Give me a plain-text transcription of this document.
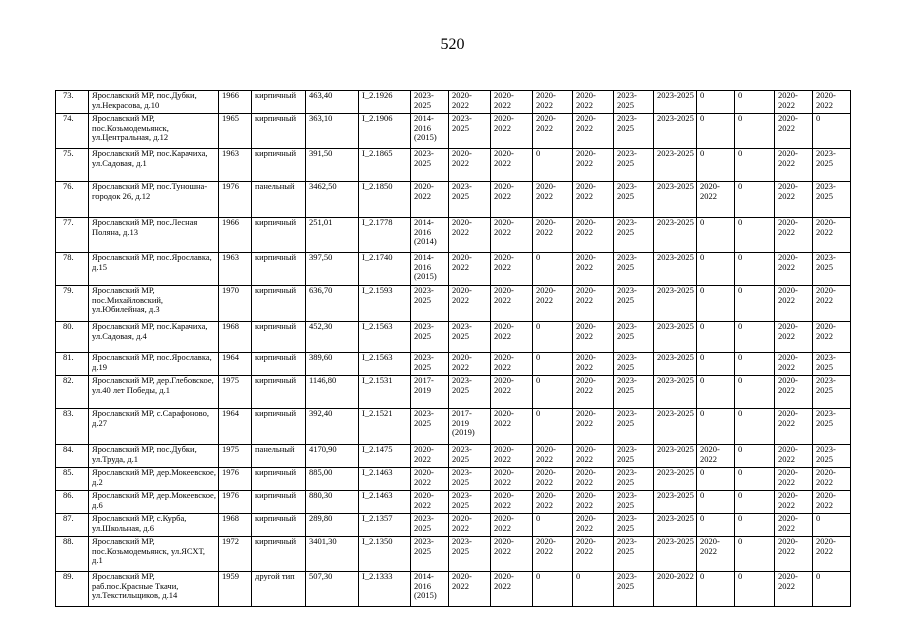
520
73.	Ярославский МР, пос.Дубки, ул.Некрасова, д.10	1966	кирпичный	463,40	I_2.1926	2023-2025	2020-2022	2020-2022	2020-2022	2020-2022	2023-2025	2023-2025	0	0	2020-2022	2020-2022
74.	Ярославский МР, пос.Козьмодемьянск, ул.Центральная, д.12	1965	кирпичный	363,10	I_2.1906	2014-2016 (2015)	2023-2025	2020-2022	2020-2022	2020-2022	2023-2025	2023-2025	0	0	2020-2022	0
75.	Ярославский МР, пос.Карачиха, ул.Садовая, д.1	1963	кирпичный	391,50	I_2.1865	2023-2025	2020-2022	2020-2022	0	2020-2022	2023-2025	2023-2025	0	0	2020-2022	2023-2025
76.	Ярославский МР, пос.Туношна-городок 26, д.12	1976	панельный	3462,50	I_2.1850	2020-2022	2023-2025	2020-2022	2020-2022	2020-2022	2023-2025	2023-2025	2020-2022	0	2020-2022	2023-2025
77.	Ярославский МР, пос.Лесная Поляна, д.13	1966	кирпичный	251,01	I_2.1778	2014-2016 (2014)	2020-2022	2020-2022	2020-2022	2020-2022	2023-2025	2023-2025	0	0	2020-2022	2020-2022
78.	Ярославский МР, пос.Ярославка, д.15	1963	кирпичный	397,50	I_2.1740	2014-2016 (2015)	2020-2022	2020-2022	0	2020-2022	2023-2025	2023-2025	0	0	2020-2022	2023-2025
79.	Ярославский МР, пос.Михайловский, ул.Юбилейная, д.3	1970	кирпичный	636,70	I_2.1593	2023-2025	2020-2022	2020-2022	2020-2022	2020-2022	2023-2025	2023-2025	0	0	2020-2022	2020-2022
80.	Ярославский МР, пос.Карачиха, ул.Садовая, д.4	1968	кирпичный	452,30	I_2.1563	2023-2025	2023-2025	2020-2022	0	2020-2022	2023-2025	2023-2025	0	0	2020-2022	2020-2022
81.	Ярославский МР, пос.Ярославка, д.19	1964	кирпичный	389,60	I_2.1563	2023-2025	2020-2022	2020-2022	0	2020-2022	2023-2025	2023-2025	0	0	2020-2022	2023-2025
82.	Ярославский МР, дер.Глебовское, ул.40 лет Победы, д.1	1975	кирпичный	1146,80	I_2.1531	2017-2019	2023-2025	2020-2022	0	2020-2022	2023-2025	2023-2025	0	0	2020-2022	2023-2025
83.	Ярославский МР, с.Сарафоново, д.27	1964	кирпичный	392,40	I_2.1521	2023-2025	2017-2019 (2019)	2020-2022	0	2020-2022	2023-2025	2023-2025	0	0	2020-2022	2023-2025
84.	Ярославский МР, пос.Дубки, ул.Труда, д.1	1975	панельный	4170,90	I_2.1475	2020-2022	2023-2025	2020-2022	2020-2022	2020-2022	2023-2025	2023-2025	2020-2022	0	2020-2022	2023-2025
85.	Ярославский МР, дер.Мокеевское, д.2	1976	кирпичный	885,00	I_2.1463	2020-2022	2023-2025	2020-2022	2020-2022	2020-2022	2023-2025	2023-2025	0	0	2020-2022	2020-2022
86.	Ярославский МР, дер.Мокеевское, д.6	1976	кирпичный	880,30	I_2.1463	2020-2022	2023-2025	2020-2022	2020-2022	2020-2022	2023-2025	2023-2025	0	0	2020-2022	2020-2022
87.	Ярославский МР, с.Курба, ул.Школьная, д.6	1968	кирпичный	289,80	I_2.1357	2023-2025	2020-2022	2020-2022	0	2020-2022	2023-2025	2023-2025	0	0	2020-2022	0
88.	Ярославский МР, пос.Козьмодемьянск, ул.ЯСХТ, д.1	1972	кирпичный	3401,30	I_2.1350	2023-2025	2023-2025	2020-2022	2020-2022	2020-2022	2023-2025	2023-2025	2020-2022	0	2020-2022	2020-2022
89.	Ярославский МР, раб.пос.Красные Ткачи, ул.Текстильщиков, д.14	1959	другой тип	507,30	I_2.1333	2014-2016 (2015)	2020-2022	2020-2022	0	0	2023-2025	2020-2022	0	0	2020-2022	0
